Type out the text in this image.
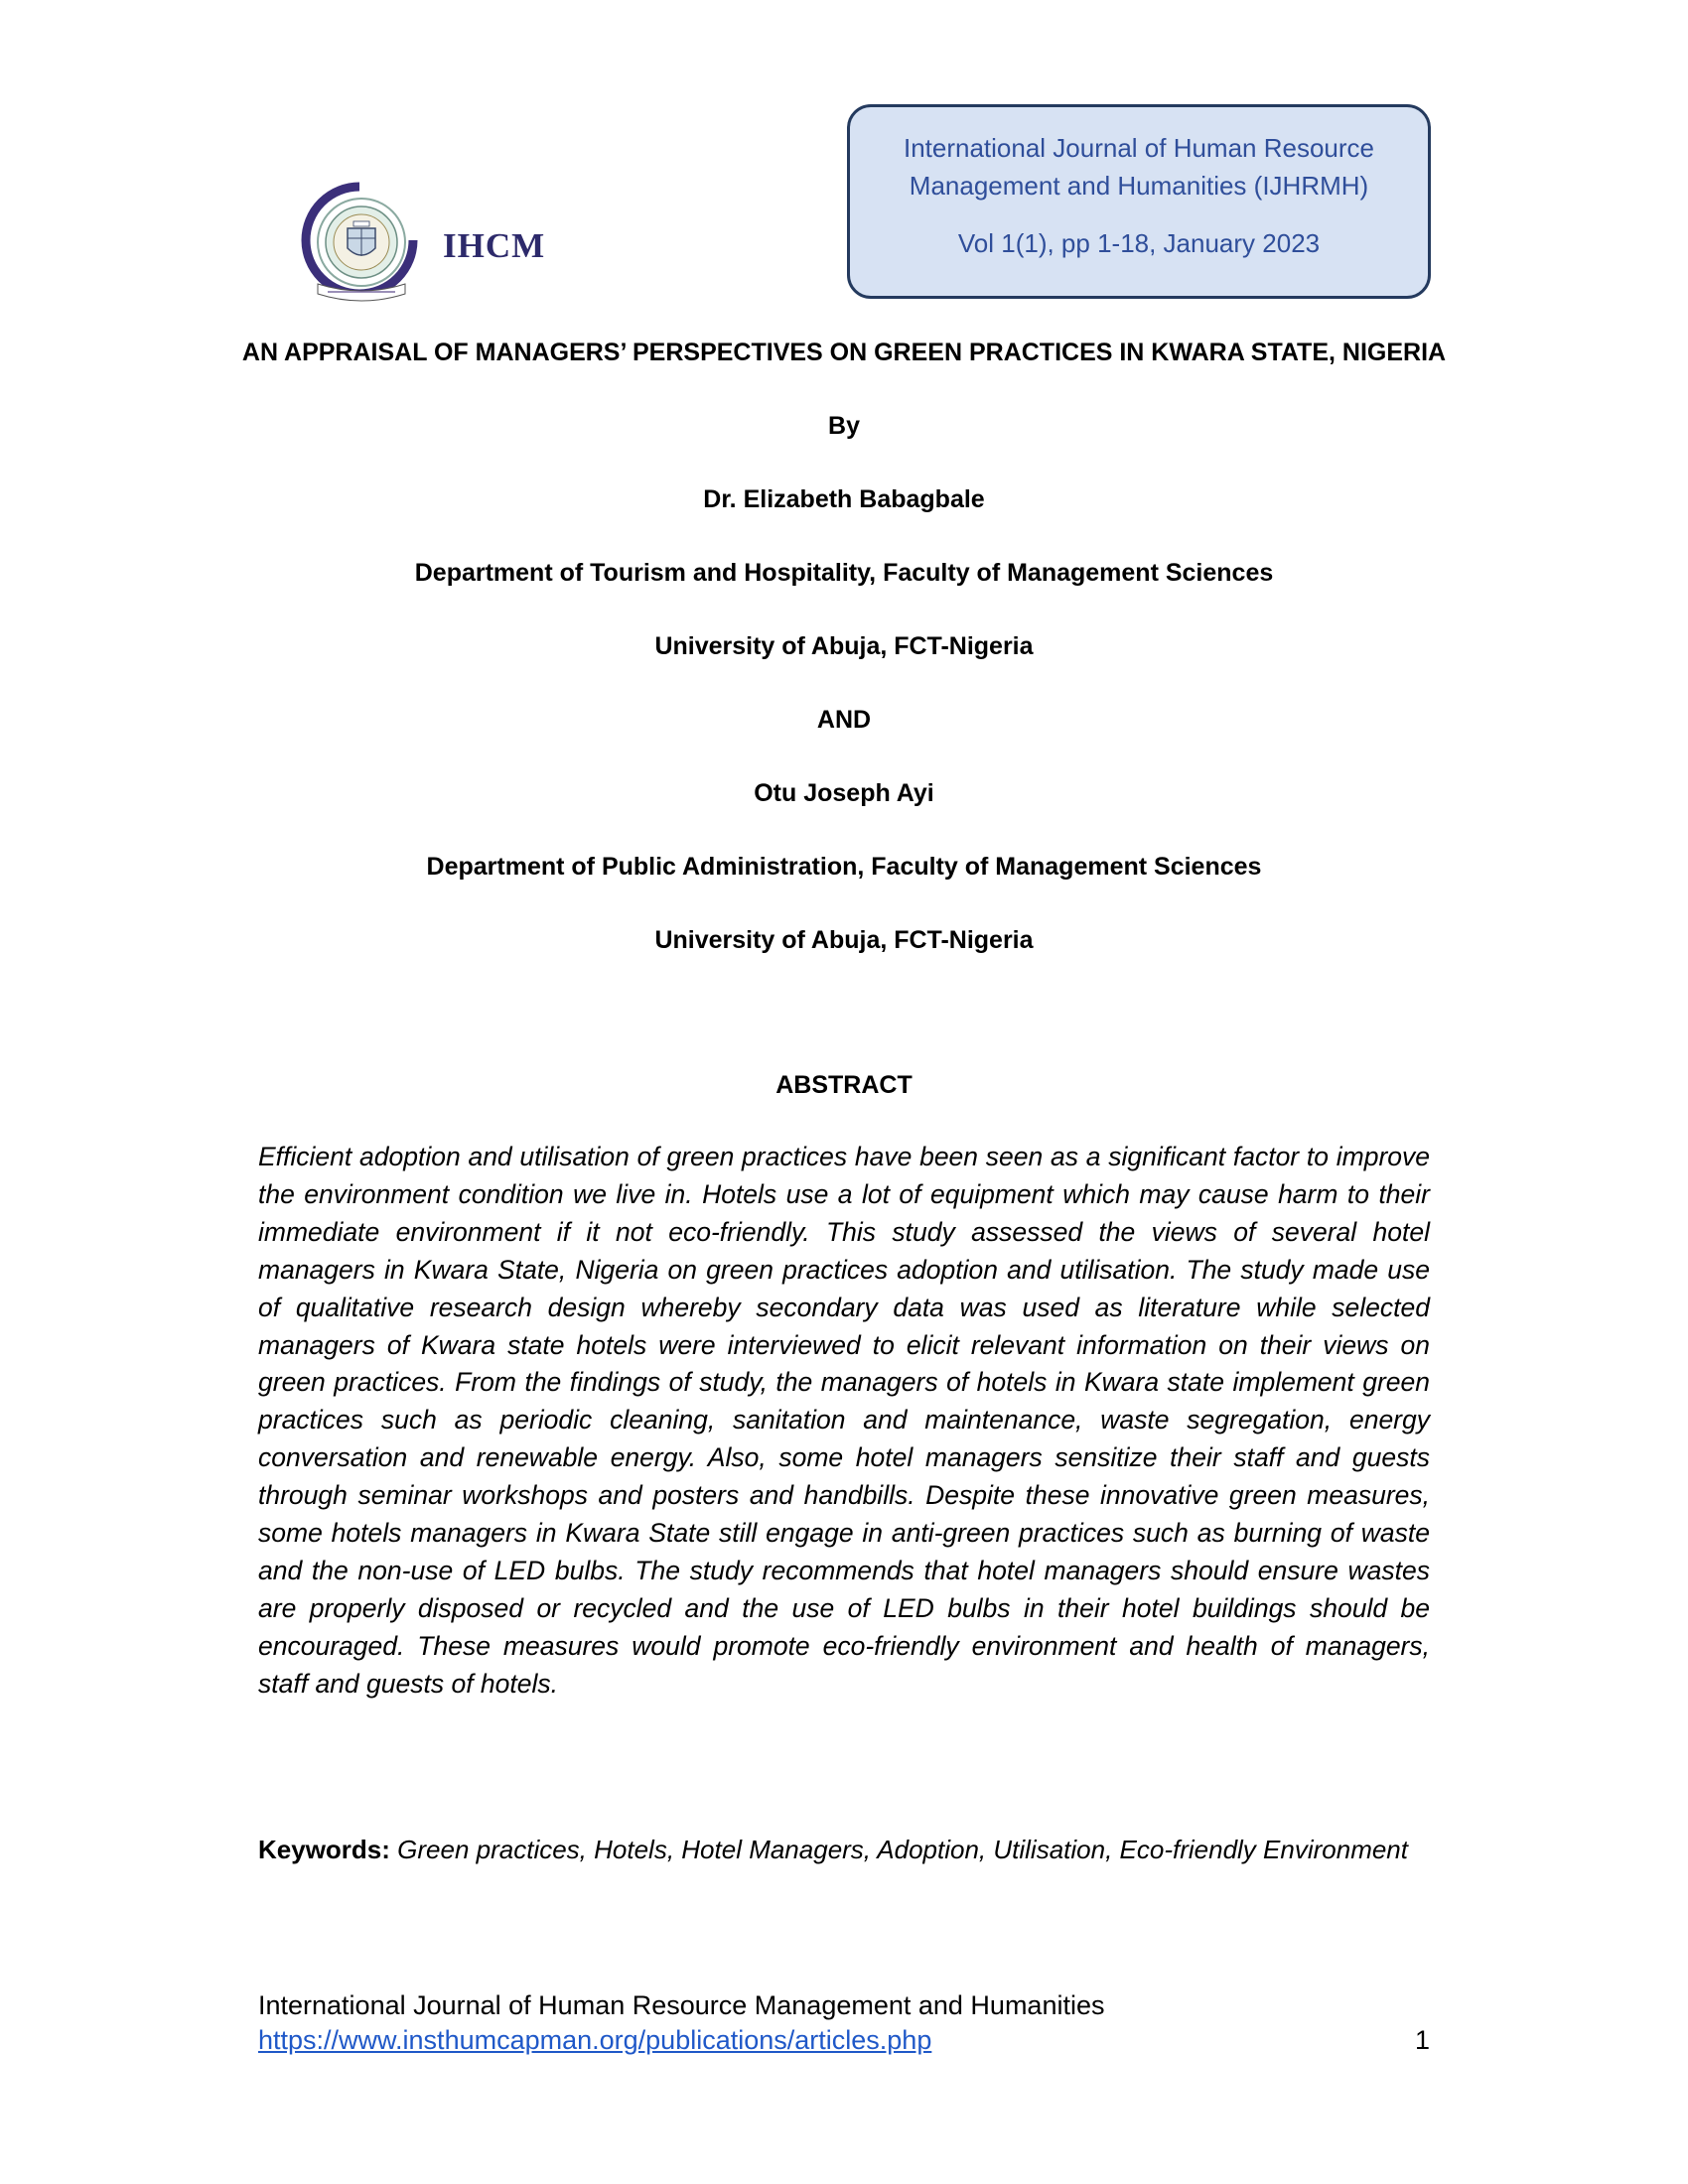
IHCM
International Journal of Human Resource
Management and Humanities (IJHRMH)
Vol 1(1), pp 1-18, January 2023
AN APPRAISAL OF MANAGERS’ PERSPECTIVES ON GREEN PRACTICES IN KWARA STATE, NIGERIA
By
Dr. Elizabeth Babagbale
Department of Tourism and Hospitality, Faculty of Management Sciences
University of Abuja, FCT-Nigeria
AND
Otu Joseph Ayi
Department of Public Administration, Faculty of Management Sciences
University of Abuja, FCT-Nigeria
ABSTRACT
Efficient adoption and utilisation of green practices have been seen as a significant factor to improve the environment condition we live in. Hotels use a lot of equipment which may cause harm to their immediate environment if it not eco-friendly. This study assessed the views of several hotel managers in Kwara State, Nigeria on green practices adoption and utilisation. The study made use of qualitative research design whereby secondary data was used as literature while selected managers of Kwara state hotels were interviewed to elicit relevant information on their views on green practices. From the findings of study, the managers of hotels in Kwara state implement green practices such as periodic cleaning, sanitation and maintenance, waste segregation, energy conversation and renewable energy. Also, some hotel managers sensitize their staff and guests through seminar workshops and posters and handbills. Despite these innovative green measures, some hotels managers in Kwara State still engage in anti-green practices such as burning of waste and the non-use of LED bulbs. The study recommends that hotel managers should ensure wastes are properly disposed or recycled and the use of LED bulbs in their hotel buildings should be encouraged. These measures would promote eco-friendly environment and health of managers, staff and guests of hotels.
Keywords: Green practices, Hotels, Hotel Managers, Adoption, Utilisation, Eco-friendly Environment
International Journal of Human Resource Management and Humanities
https://www.insthumcapman.org/publications/articles.php	1
